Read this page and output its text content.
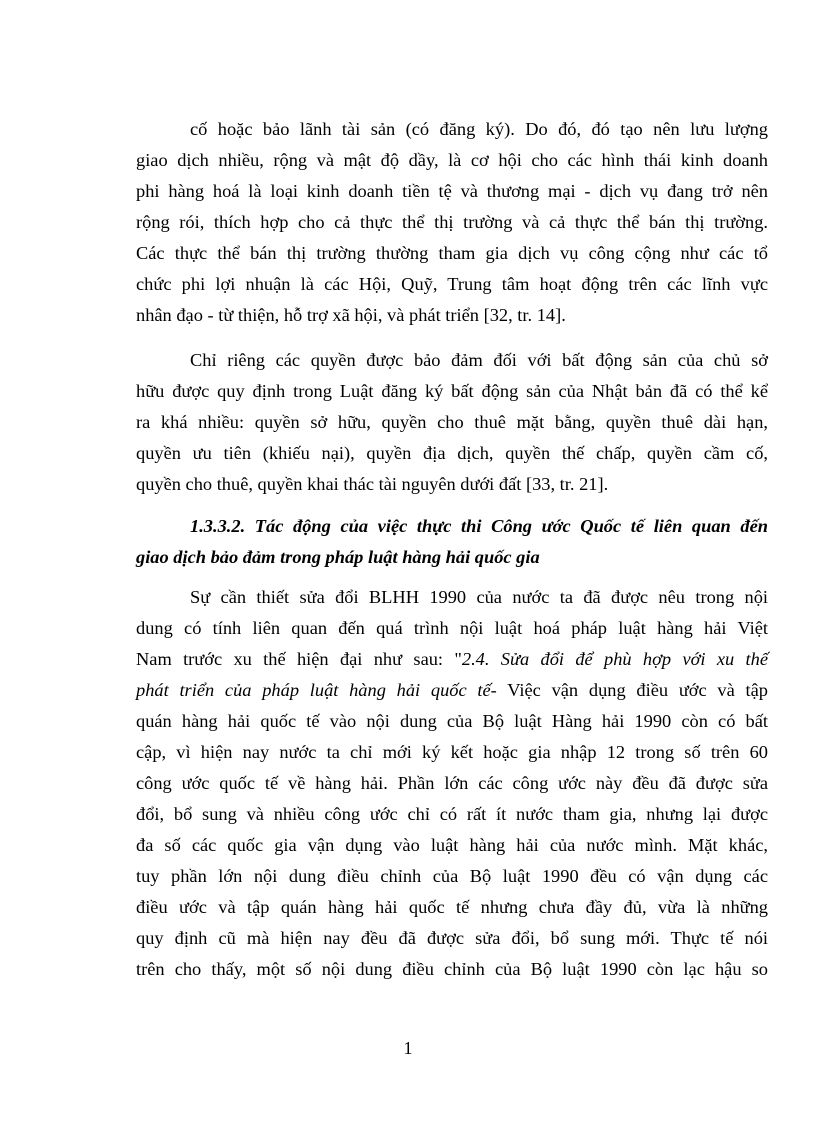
cố hoặc bảo lãnh tài sản (có đăng ký). Do đó, đó tạo nên lưu lượng
giao dịch nhiều, rộng và mật độ dầy, là cơ hội cho các hình thái kinh doanh
phi hàng hoá là loại kinh doanh tiền tệ và thương mại - dịch vụ đang trở nên
rộng rói, thích hợp cho cả thực thể thị trường và cả thực thể bán thị trường.
Các thực thể bán thị trường thường tham gia dịch vụ công cộng như các tổ
chức phi lợi nhuận là các Hội, Quỹ, Trung tâm hoạt động trên các lĩnh vực
nhân đạo - từ thiện, hỗ trợ xã hội, và phát triển [32, tr. 14].
Chỉ riêng các quyền được bảo đảm đối với bất động sản của chủ sở
hữu được quy định trong Luật đăng ký bất động sản của Nhật bản đã có thể kể
ra khá nhiều: quyền sở hữu, quyền cho thuê mặt bằng, quyền thuê dài hạn,
quyền ưu tiên (khiếu nại), quyền địa dịch, quyền thế chấp, quyền cầm cố,
quyền cho thuê, quyền khai thác tài nguyên dưới đất [33, tr. 21].
1.3.3.2. Tác động của việc thực thi Công ước Quốc tế liên quan đến
giao dịch bảo đảm trong pháp luật hàng hải quốc gia
Sự cần thiết sửa đổi BLHH 1990 của nước ta đã được nêu trong nội
dung có tính liên quan đến quá trình nội luật hoá pháp luật hàng hải Việt
Nam trước xu thế hiện đại như sau: "2.4. Sửa đổi để phù hợp với xu thế
phát triển của pháp luật hàng hải quốc tế- Việc vận dụng điều ước và tập
quán hàng hải quốc tế vào nội dung của Bộ luật Hàng hải 1990 còn có bất
cập, vì hiện nay nước ta chỉ mới ký kết hoặc gia nhập 12 trong số trên 60
công ước quốc tế về hàng hải. Phần lớn các công ước này đều đã được sửa
đổi, bổ sung và nhiều công ước chỉ có rất ít nước tham gia, nhưng lại được
đa số các quốc gia vận dụng vào luật hàng hải của nước mình. Mặt khác,
tuy phần lớn nội dung điều chỉnh của Bộ luật 1990 đều có vận dụng các
điều ước và tập quán hàng hải quốc tế nhưng chưa đầy đủ, vừa là những
quy định cũ mà hiện nay đều đã được sửa đổi, bổ sung mới. Thực tế nói
trên cho thấy, một số nội dung điều chỉnh của Bộ luật 1990 còn lạc hậu so
1
